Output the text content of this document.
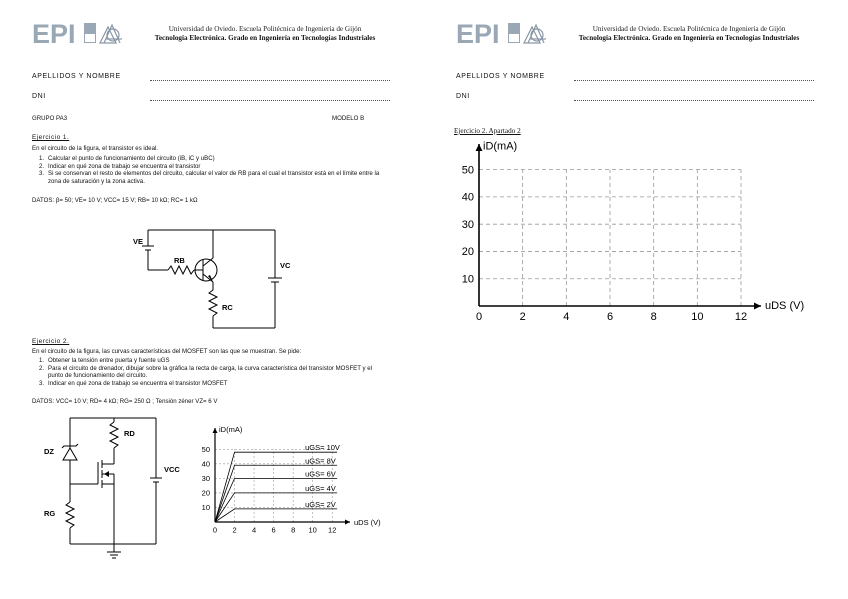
EPI	Universidad de Oviedo. Escuela Politécnica de Ingeniería de Gijón
Tecnología Electrónica. Grado en Ingeniería en Tecnologías Industriales
APELLIDOS Y NOMBRE
DNI
GRUPO PA3	MODELO B
Ejercicio 1.
En el circuito de la figura, el transistor es ideal.
1. Calcular el punto de funcionamiento del circuito (iB, iC y uBC)
2. Indicar en qué zona de trabajo se encuentra el transistor
3. Si se conservan el resto de elementos del circuito, calcular el valor de RB para el cual el transistor está en el límite entre la zona de saturación y la zona activa.
DATOS: β= 50; VE= 10 V; VCC= 15 V; RB= 10 kΩ; RC= 1 kΩ
VE
RB
RC
VC
Ejercicio 2.
En el circuito de la figura, las curvas características del MOSFET son las que se muestran. Se pide:
1. Obtener la tensión entre puerta y fuente uGS
2. Para el circuito de drenador, dibujar sobre la gráfica la recta de carga, la curva característica del transistor MOSFET y el punto de funcionamiento del circuito.
3. Indicar en qué zona de trabajo se encuentra el transistor MOSFET
DATOS: VCC= 10 V; RD= 4 kΩ; RG= 250 Ω ; Tensión zéner VZ= 6 V
DZ
RD
RG
VCC
0 2 4 6 8 10 12
10
20
30
40
50
uDS (V)
iD(mA)
uGS= 10V
uGS= 8V
uGS= 6V
uGS= 4V
uGS= 2V
EPI	Universidad de Oviedo. Escuela Politécnica de Ingeniería de Gijón
Tecnología Electrónica. Grado en Ingeniería en Tecnologías Industriales
APELLIDOS Y NOMBRE
DNI
Ejercicio 2. Apartado 2
0	2	4	6	8	10	12
10
20
30
40
50
uDS (V)
iD(mA)
